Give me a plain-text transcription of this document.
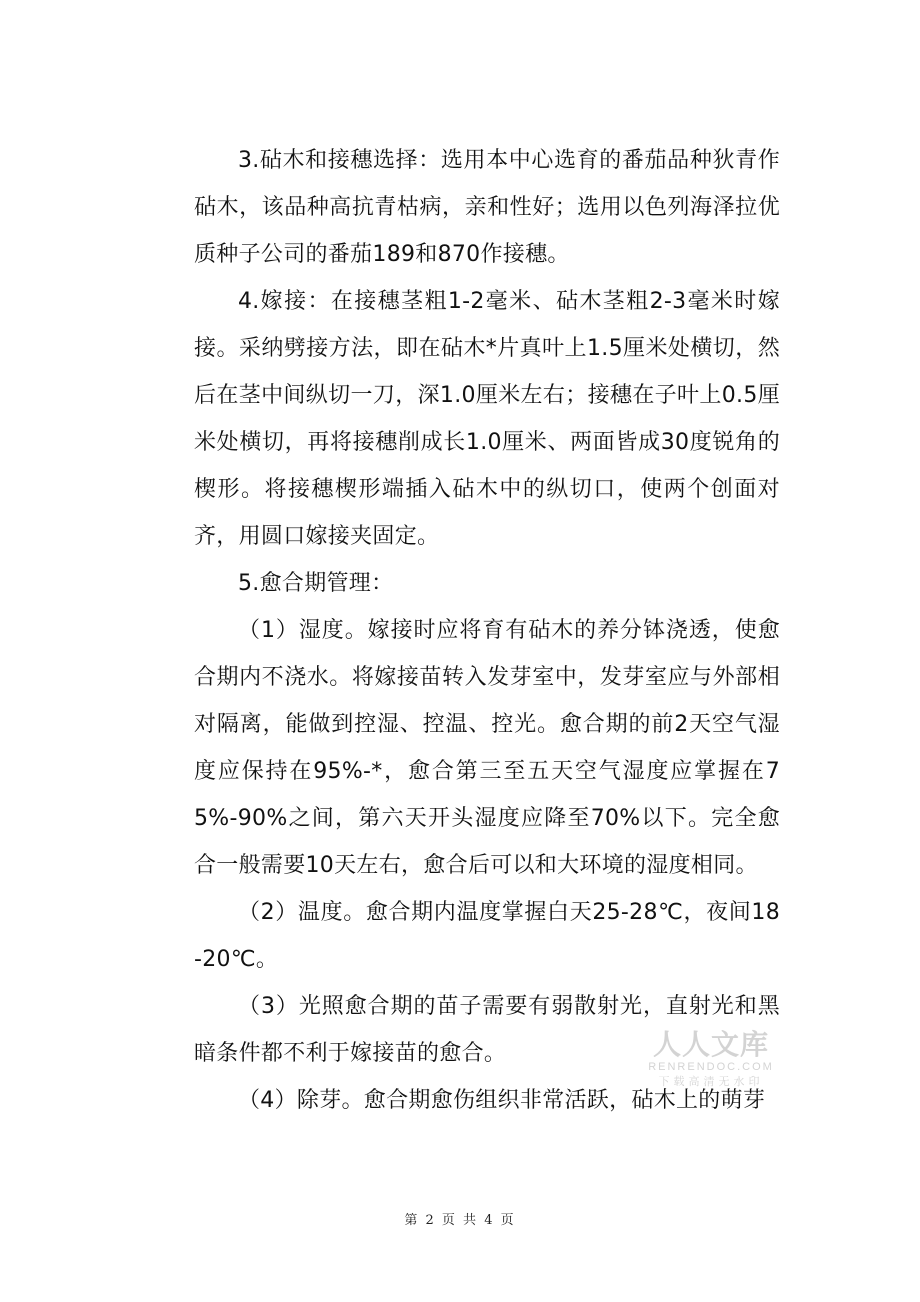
3.砧木和接穗选择：选用本中心选育的番茄品种狄青作砧木，该品种高抗青枯病，亲和性好；选用以色列海泽拉优质种子公司的番茄189和870作接穗。

4.嫁接：在接穗茎粗1-2毫米、砧木茎粗2-3毫米时嫁接。采纳劈接方法，即在砧木*片真叶上1.5厘米处横切，然后在茎中间纵切一刀，深1.0厘米左右；接穗在子叶上0.5厘米处横切，再将接穗削成长1.0厘米、两面皆成30度锐角的楔形。将接穗楔形端插入砧木中的纵切口，使两个创面对齐，用圆口嫁接夹固定。

5.愈合期管理：

（1）湿度。嫁接时应将育有砧木的养分钵浇透，使愈合期内不浇水。将嫁接苗转入发芽室中，发芽室应与外部相对隔离，能做到控湿、控温、控光。愈合期的前2天空气湿度应保持在95%-*，愈合第三至五天空气湿度应掌握在75%-90%之间，第六天开头湿度应降至70%以下。完全愈合一般需要10天左右，愈合后可以和大环境的湿度相同。

（2）温度。愈合期内温度掌握白天25-28℃，夜间18-20℃。

（3）光照愈合期的苗子需要有弱散射光，直射光和黑暗条件都不利于嫁接苗的愈合。

（4）除芽。愈合期愈伤组织非常活跃，砧木上的萌芽

人人文库
RENRENDOC.COM
下载高清无水印
第 2 页 共 4 页
